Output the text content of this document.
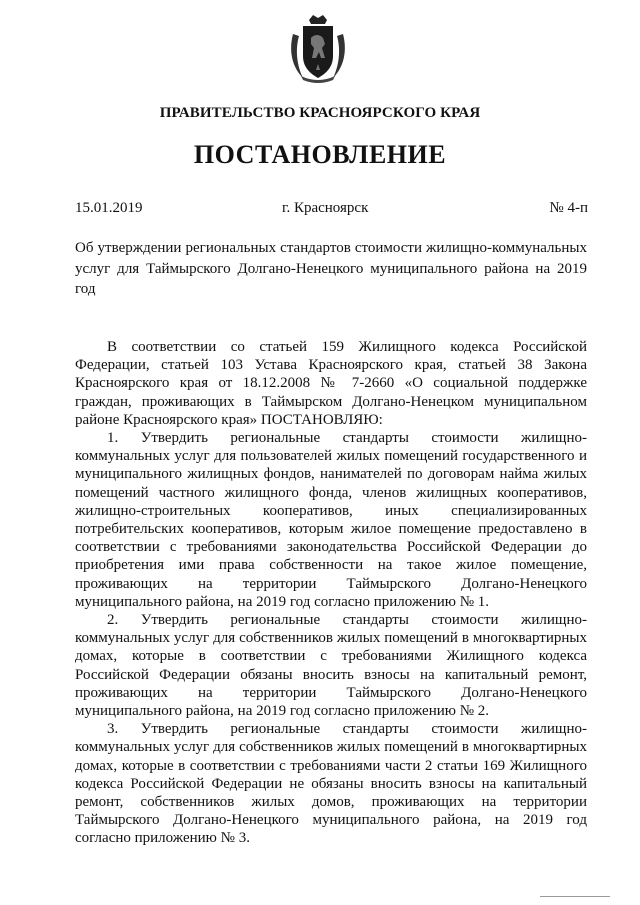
ПРАВИТЕЛЬСТВО КРАСНОЯРСКОГО КРАЯ
ПОСТАНОВЛЕНИЕ
15.01.2019	г. Красноярск	№ 4-п
Об утверждении региональных стандартов стоимости жилищно-коммунальных услуг для Таймырского Долгано-Ненецкого муниципального района на 2019 год

В соответствии со статьей 159 Жилищного кодекса Российской Федерации, статьей 103 Устава Красноярского края, статьей 38 Закона Красноярского края от 18.12.2008 № 7-2660 «О социальной поддержке граждан, проживающих в Таймырском Долгано-Ненецком муниципальном районе Красноярского края» ПОСТАНОВЛЯЮ:

1. Утвердить региональные стандарты стоимости жилищно-коммунальных услуг для пользователей жилых помещений государственного и муниципального жилищных фондов, нанимателей по договорам найма жилых помещений частного жилищного фонда, членов жилищных кооперативов, жилищно-строительных кооперативов, иных специализированных потребительских кооперативов, которым жилое помещение предоставлено в соответствии с требованиями законодательства Российской Федерации до приобретения ими права собственности на такое жилое помещение, проживающих на территории Таймырского Долгано-Ненецкого муниципального района, на 2019 год согласно приложению № 1.

2. Утвердить региональные стандарты стоимости жилищно-коммунальных услуг для собственников жилых помещений в многоквартирных домах, которые в соответствии с требованиями Жилищного кодекса Российской Федерации обязаны вносить взносы на капитальный ремонт, проживающих на территории Таймырского Долгано-Ненецкого муниципального района, на 2019 год согласно приложению № 2.

3. Утвердить региональные стандарты стоимости жилищно-коммунальных услуг для собственников жилых помещений в многоквартирных домах, которые в соответствии с требованиями части 2 статьи 169 Жилищного кодекса Российской Федерации не обязаны вносить взносы на капитальный ремонт, собственников жилых домов, проживающих на территории Таймырского Долгано-Ненецкого муниципального района, на 2019 год согласно приложению № 3.
